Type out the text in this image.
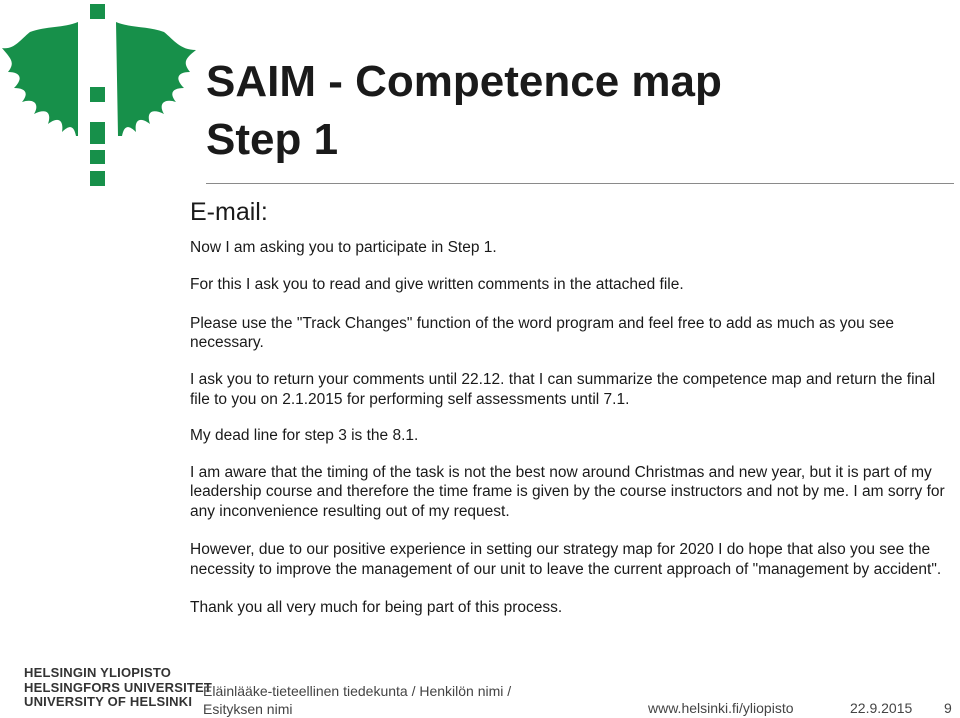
SAIM - Competence map
Step 1
E-mail:

Now I am asking you to participate in Step 1.

For this I ask you to read and give written comments in the attached file.

Please use the "Track Changes" function of the word program and feel free to add as much as you see necessary.

I ask you to return your comments until 22.12. that I can summarize the competence map and return the final file to you on 2.1.2015 for performing self assessments until 7.1.

My dead line for step 3 is the 8.1.

I am aware that the timing of the task is not the best now around Christmas and new year, but it is part of my leadership course and therefore the time frame is given by the course instructors and not by me. I am sorry for any inconvenience resulting out of my request.

However, due to our positive experience in setting our strategy map for 2020 I do hope that also you see the necessity to improve the management of our unit to leave the current approach of "management by accident".

Thank you all very much for being part of this process.

HELSINGIN YLIOPISTO
HELSINGFORS UNIVERSITET
UNIVERSITY OF HELSINKI
Eläinlääke-tieteellinen tiedekunta / Henkilön nimi /
Esityksen nimi	www.helsinki.fi/yliopisto	22.9.2015 9
